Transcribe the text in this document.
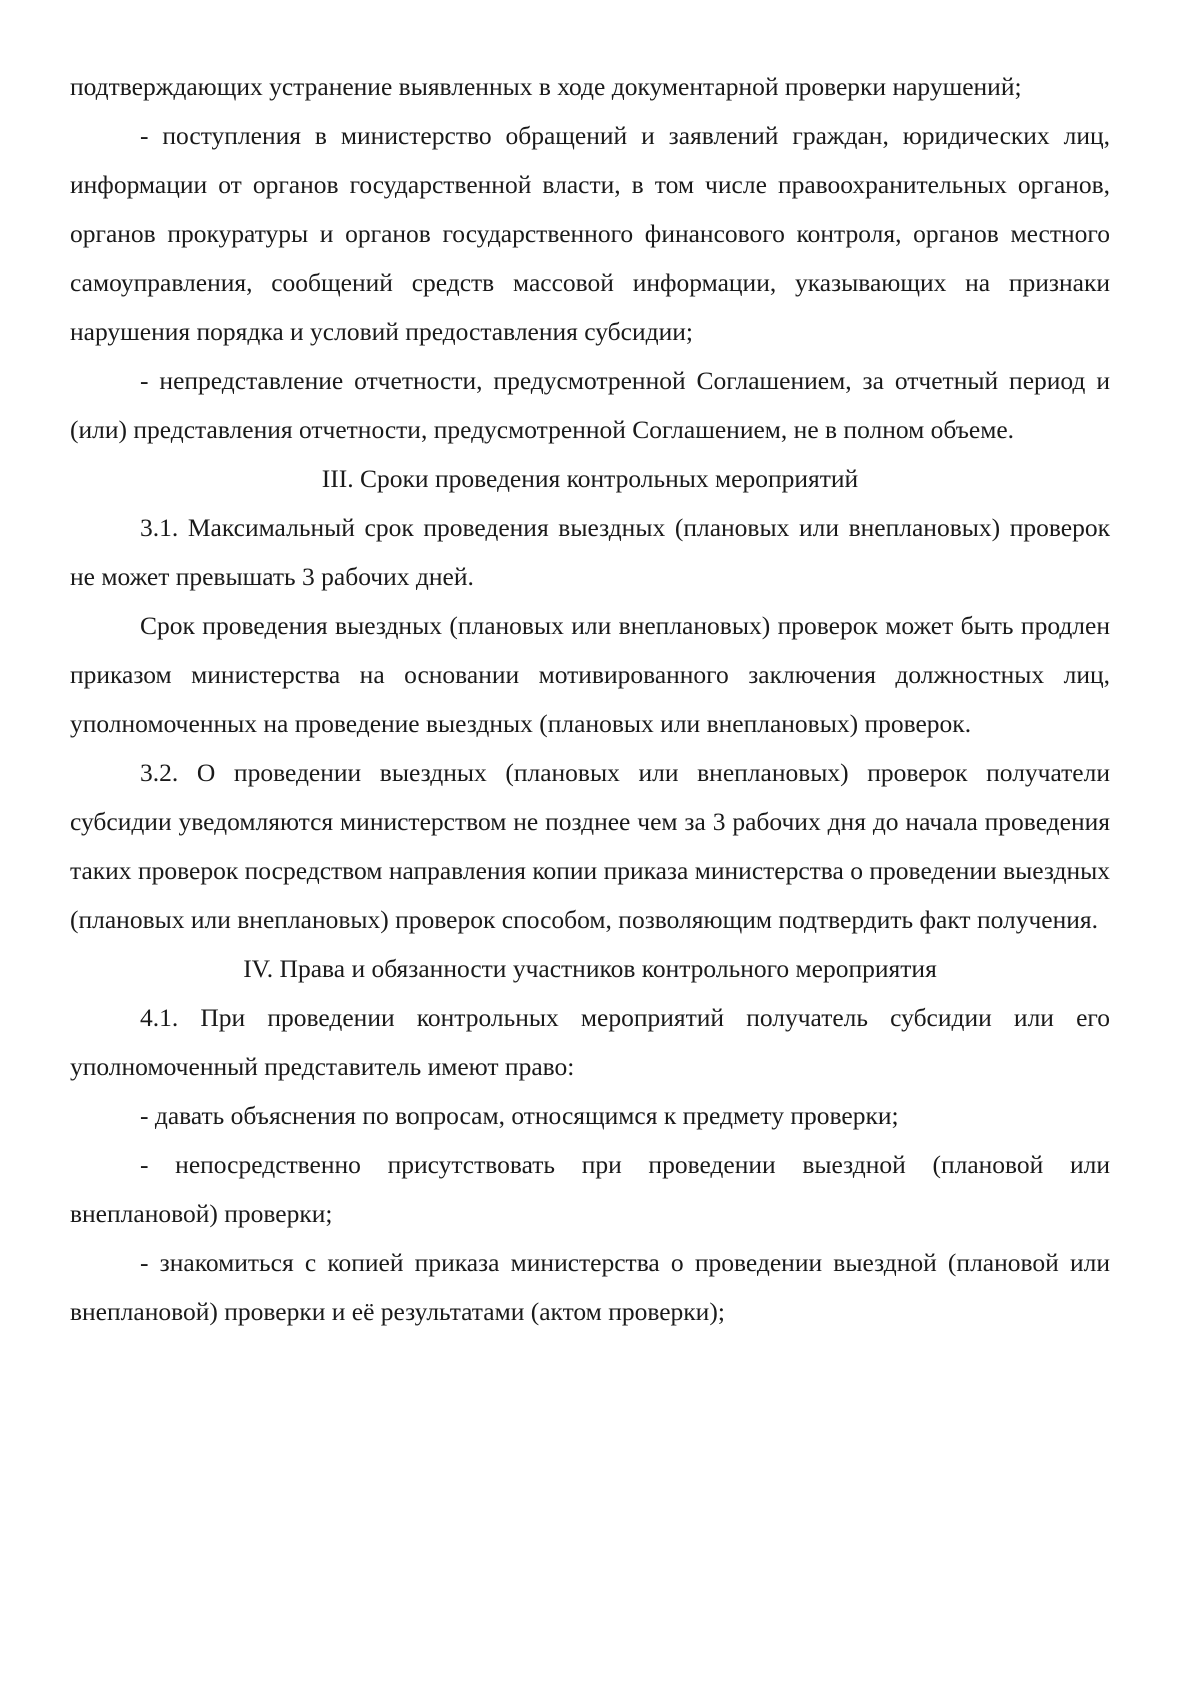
подтверждающих устранение выявленных в ходе документарной проверки нарушений;

- поступления в министерство обращений и заявлений граждан, юридических лиц, информации от органов государственной власти, в том числе правоохранительных органов, органов прокуратуры и органов государственного финансового контроля, органов местного самоуправления, сообщений средств массовой информации, указывающих на признаки нарушения порядка и условий предоставления субсидии;

- непредставление отчетности, предусмотренной Соглашением, за отчетный период и (или) представления отчетности, предусмотренной Соглашением, не в полном объеме.

III. Сроки проведения контрольных мероприятий

3.1. Максимальный срок проведения выездных (плановых или внеплановых) проверок не может превышать 3 рабочих дней.

Срок проведения выездных (плановых или внеплановых) проверок может быть продлен приказом министерства на основании мотивированного заключения должностных лиц, уполномоченных на проведение выездных (плановых или внеплановых) проверок.

3.2. О проведении выездных (плановых или внеплановых) проверок получатели субсидии уведомляются министерством не позднее чем за 3 рабочих дня до начала проведения таких проверок посредством направления копии приказа министерства о проведении выездных (плановых или внеплановых) проверок способом, позволяющим подтвердить факт получения.

IV. Права и обязанности участников контрольного мероприятия

4.1. При проведении контрольных мероприятий получатель субсидии или его уполномоченный представитель имеют право:

- давать объяснения по вопросам, относящимся к предмету проверки;

- непосредственно присутствовать при проведении выездной (плановой или внеплановой) проверки;

- знакомиться с копией приказа министерства о проведении выездной (плановой или внеплановой) проверки и её результатами (актом проверки);
